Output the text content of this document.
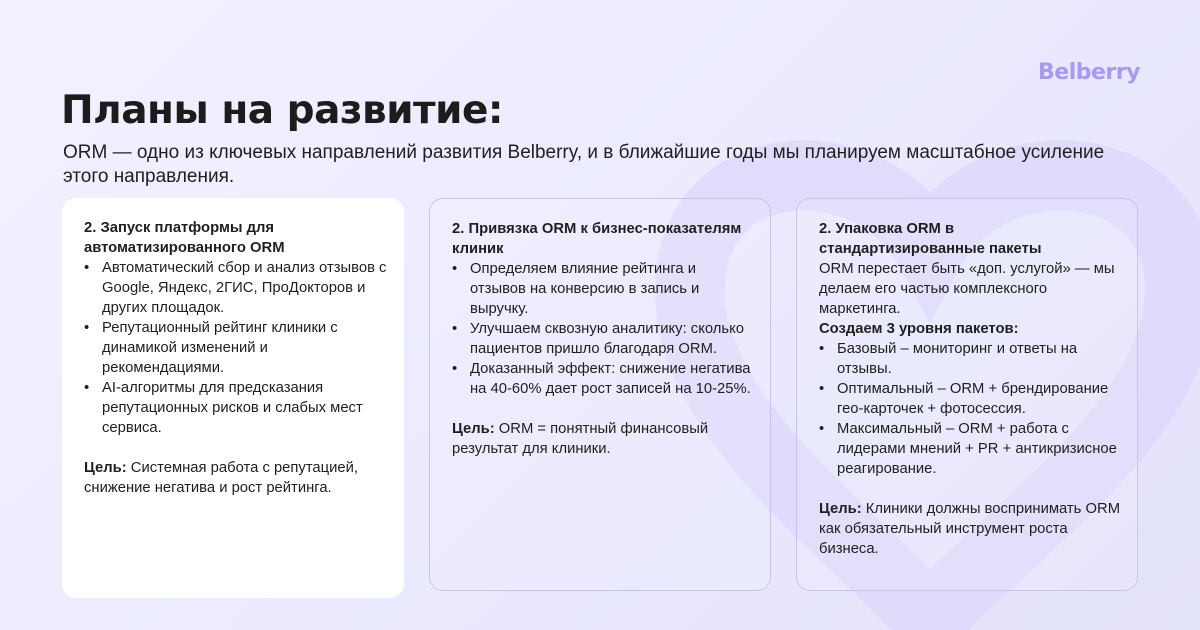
Belberry
Планы на развитие:

ORM — одно из ключевых направлений развития Belberry, и в ближайшие годы мы планируем масштабное усиление этого направления.

2. Запуск платформы для автоматизированного ORM
• Автоматический сбор и анализ отзывов с Google, Яндекс, 2ГИС, ПроДокторов и других площадок.
• Репутационный рейтинг клиники с динамикой изменений и рекомендациями.
• AI-алгоритмы для предсказания репутационных рисков и слабых мест сервиса.

Цель: Системная работа с репутацией, снижение негатива и рост рейтинга.

2. Привязка ORM к бизнес-показателям клиник
• Определяем влияние рейтинга и отзывов на конверсию в запись и выручку.
• Улучшаем сквозную аналитику: сколько пациентов пришло благодаря ORM.
• Доказанный эффект: снижение негатива на 40-60% дает рост записей на 10-25%.

Цель: ORM = понятный финансовый результат для клиники.

2. Упаковка ORM в стандартизированные пакеты
ORM перестает быть «доп. услугой» — мы делаем его частью комплексного маркетинга.
Создаем 3 уровня пакетов:
• Базовый – мониторинг и ответы на отзывы.
• Оптимальный – ORM + брендирование гео-карточек + фотосессия.
• Максимальный – ORM + работа с лидерами мнений + PR + антикризисное реагирование.

Цель: Клиники должны воспринимать ORM как обязательный инструмент роста бизнеса.
